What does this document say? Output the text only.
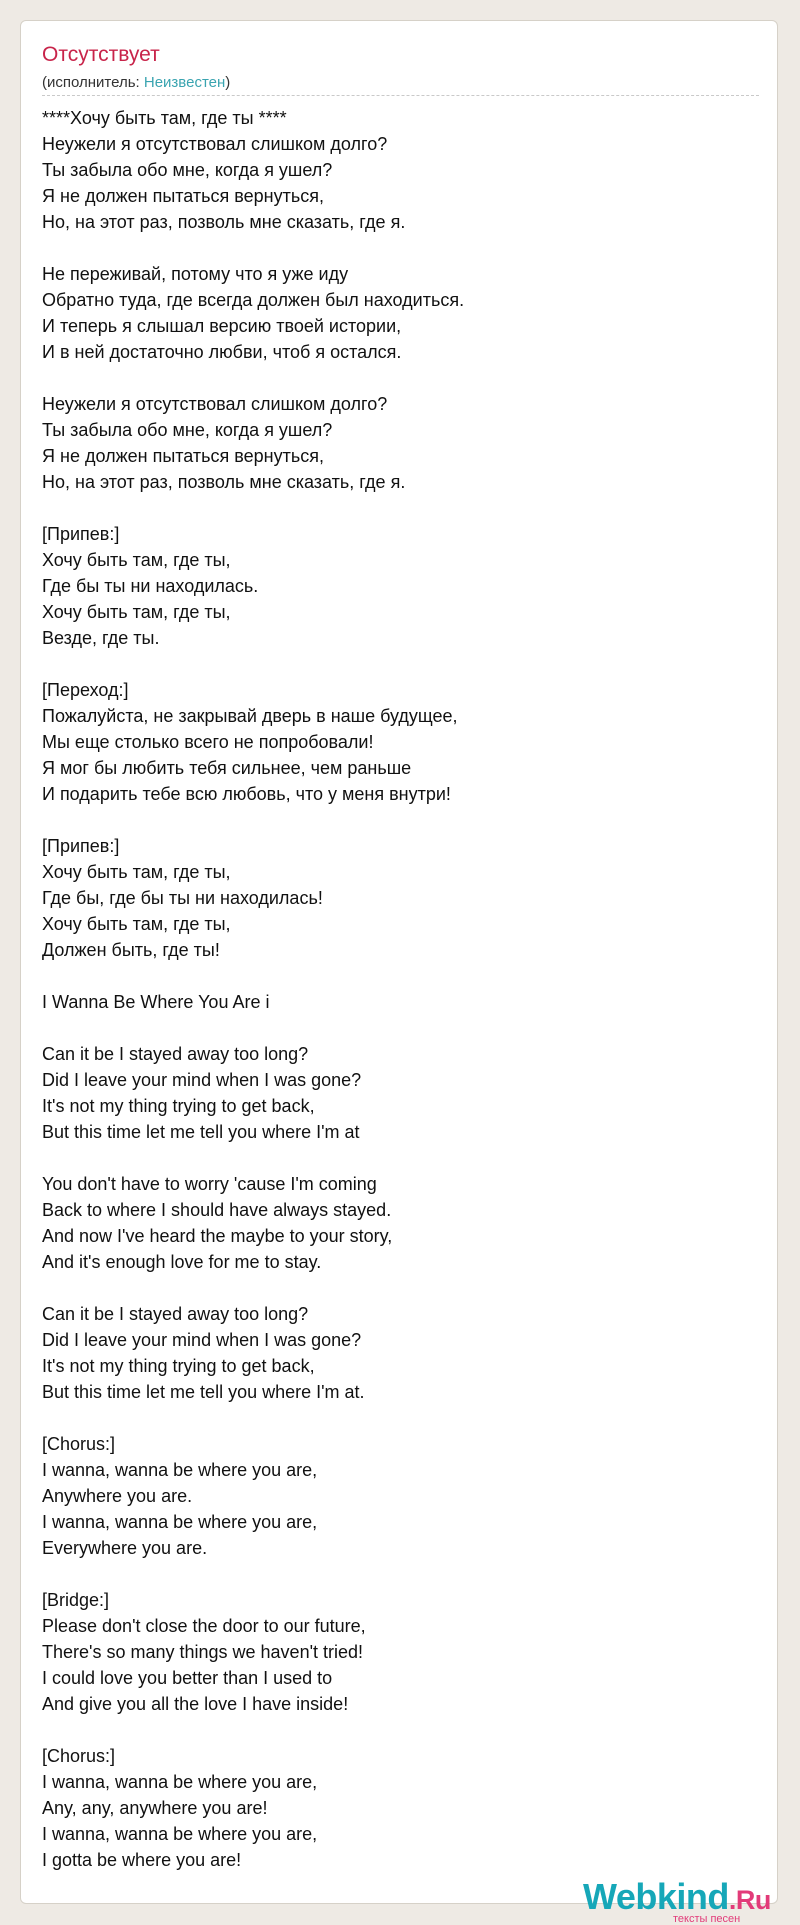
Отсутствует
(исполнитель: Неизвестен)
****Хочу быть там, где ты ****
Неужели я отсутствовал слишком долго?
Ты забыла обо мне, когда я ушел?
Я не должен пытаться вернуться,
Но, на этот раз, позволь мне сказать, где я.
Не переживай, потому что я уже иду
Обратно туда, где всегда должен был находиться.
И теперь я слышал версию твоей истории,
И в ней достаточно любви, чтоб я остался.
Неужели я отсутствовал слишком долго?
Ты забыла обо мне, когда я ушел?
Я не должен пытаться вернуться,
Но, на этот раз, позволь мне сказать, где я.
[Припев:]
Хочу быть там, где ты,
Где бы ты ни находилась.
Хочу быть там, где ты,
Везде, где ты.
[Переход:]
Пожалуйста, не закрывай дверь в наше будущее,
Мы еще столько всего не попробовали!
Я мог бы любить тебя сильнее, чем раньше
И подарить тебе всю любовь, что у меня внутри!
[Припев:]
Хочу быть там, где ты,
Где бы, где бы ты ни находилась!
Хочу быть там, где ты,
Должен быть, где ты!
I Wanna Be Where You Are i
Can it be I stayed away too long?
Did I leave your mind when I was gone?
It's not my thing trying to get back,
But this time let me tell you where I'm at
You don't have to worry 'cause I'm coming
Back to where I should have always stayed.
And now I've heard the maybe to your story,
And it's enough love for me to stay.
Can it be I stayed away too long?
Did I leave your mind when I was gone?
It's not my thing trying to get back,
But this time let me tell you where I'm at.
[Chorus:]
I wanna, wanna be where you are,
Anywhere you are.
I wanna, wanna be where you are,
Everywhere you are.
[Bridge:]
Please don't close the door to our future,
There's so many things we haven't tried!
I could love you better than I used to
And give you all the love I have inside!
[Chorus:]
I wanna, wanna be where you are,
Any, any, anywhere you are!
I wanna, wanna be where you are,
I gotta be where you are!
Webkind.Ru
тексты песен
